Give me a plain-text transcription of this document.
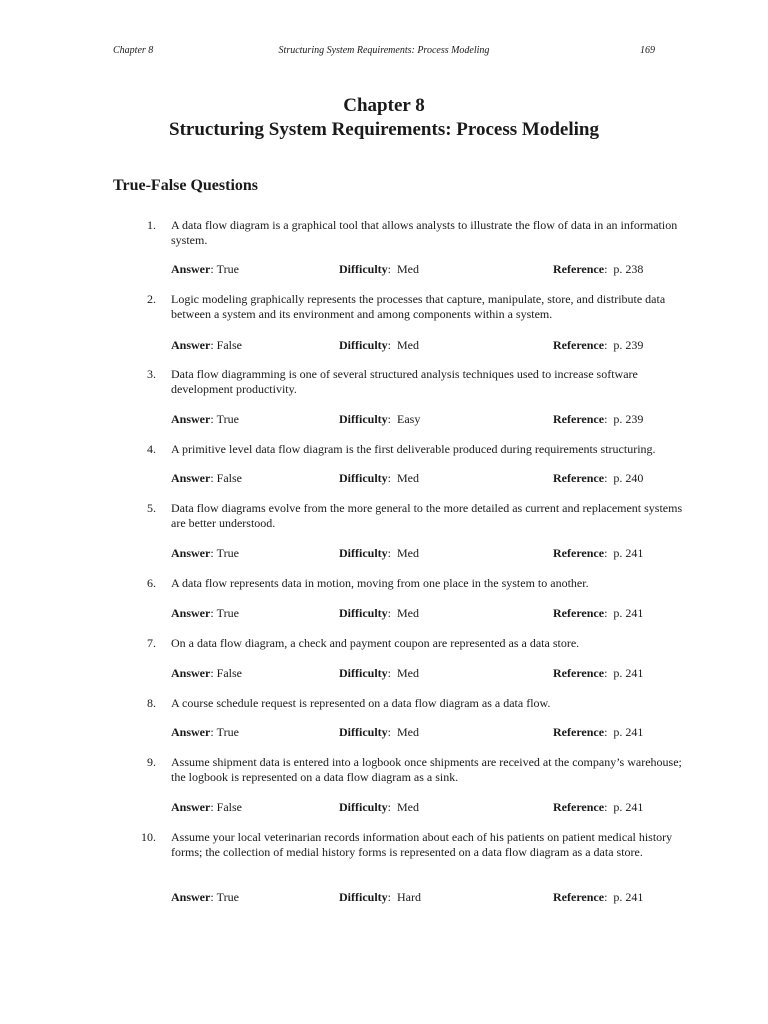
Chapter 8	Structuring System Requirements: Process Modeling	169
Chapter 8
Structuring System Requirements: Process Modeling
True-False Questions
1. A data flow diagram is a graphical tool that allows analysts to illustrate the flow of data in an information system.
Answer: True	Difficulty:  Med	Reference:  p. 238
2. Logic modeling graphically represents the processes that capture, manipulate, store, and distribute data between a system and its environment and among components within a system.
Answer: False	Difficulty:  Med	Reference:  p. 239
3. Data flow diagramming is one of several structured analysis techniques used to increase software development productivity.
Answer: True	Difficulty:  Easy	Reference:  p. 239
4. A primitive level data flow diagram is the first deliverable produced during requirements structuring.
Answer: False	Difficulty:  Med	Reference:  p. 240
5. Data flow diagrams evolve from the more general to the more detailed as current and replacement systems are better understood.
Answer: True	Difficulty:  Med	Reference:  p. 241
6. A data flow represents data in motion, moving from one place in the system to another.
Answer: True	Difficulty:  Med	Reference:  p. 241
7. On a data flow diagram, a check and payment coupon are represented as a data store.
Answer: False	Difficulty:  Med	Reference:  p. 241
8. A course schedule request is represented on a data flow diagram as a data flow.
Answer: True	Difficulty:  Med	Reference:  p. 241
9. Assume shipment data is entered into a logbook once shipments are received at the company’s warehouse; the logbook is represented on a data flow diagram as a sink.
Answer: False	Difficulty:  Med	Reference:  p. 241
10. Assume your local veterinarian records information about each of his patients on patient medical history forms; the collection of medial history forms is represented on a data flow diagram as a data store.
Answer: True	Difficulty:  Hard	Reference:  p. 241
